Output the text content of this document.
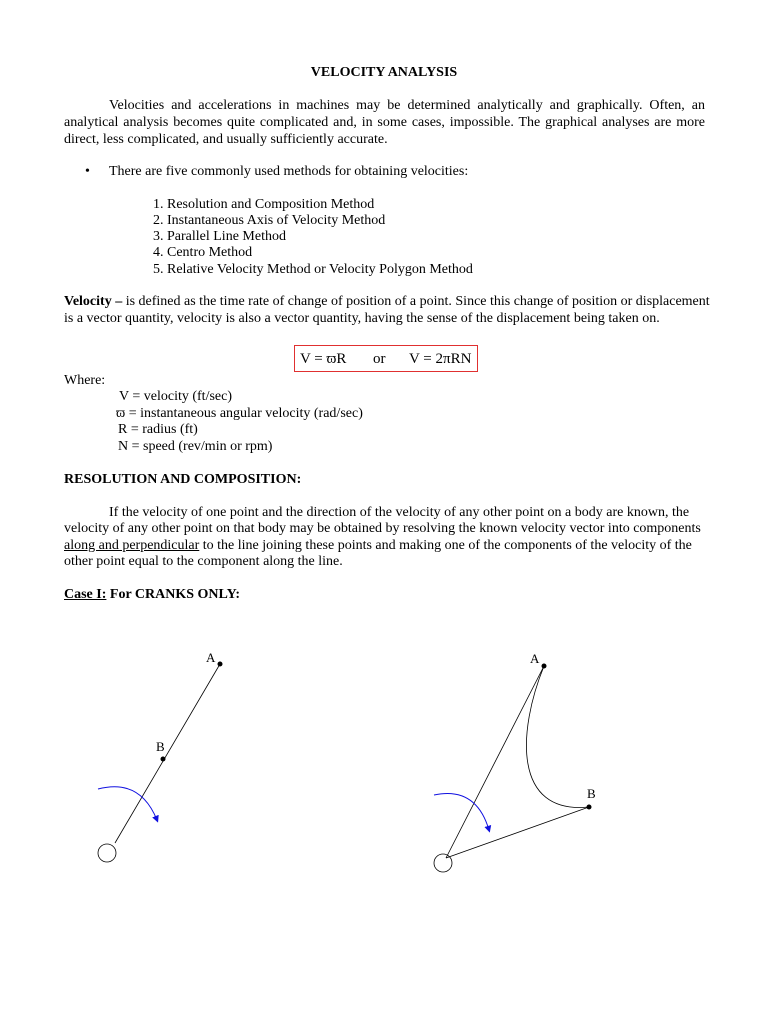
VELOCITY ANALYSIS
Velocities and accelerations in machines may be determined analytically and graphically. Often, an analytical analysis becomes quite complicated and, in some cases, impossible. The graphical analyses are more direct, less complicated, and usually sufficiently accurate.
• There are five commonly used methods for obtaining velocities:
1. Resolution and Composition Method
2. Instantaneous Axis of Velocity Method
3. Parallel Line Method
4. Centro Method
5. Relative Velocity Method or Velocity Polygon Method
Velocity – is defined as the time rate of change of position of a point. Since this change of position or displacement
is a vector quantity, velocity is also a vector quantity, having the sense of the displacement being taken on.
V = ϖR or V = 2πRN
Where:
V = velocity (ft/sec)
ϖ = instantaneous angular velocity (rad/sec)
R = radius (ft)
N = speed (rev/min or rpm)
RESOLUTION AND COMPOSITION:
If the velocity of one point and the direction of the velocity of any other point on a body are known, the
velocity of any other point on that body may be obtained by resolving the known velocity vector into components
along and perpendicular to the line joining these points and making one of the components of the velocity of the
other point equal to the component along the line.
Case I: For CRANKS ONLY:
A
B
A
B
